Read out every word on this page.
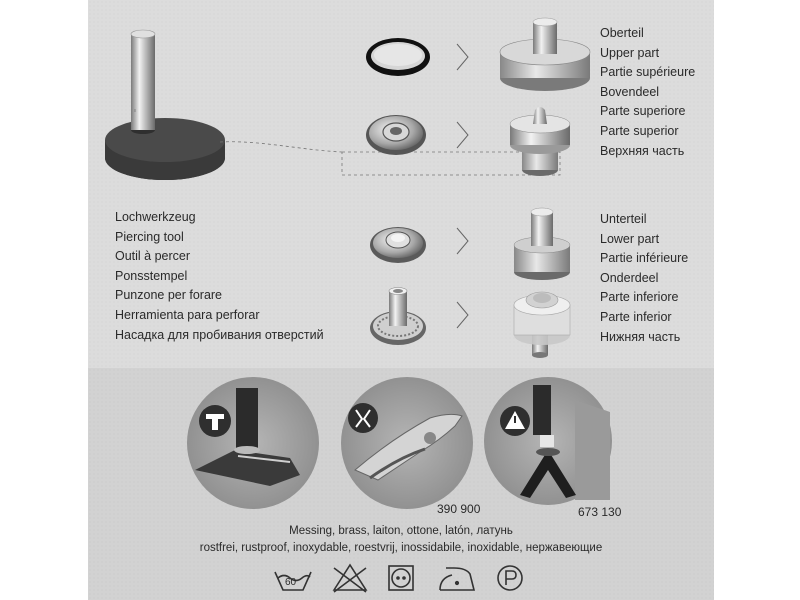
Oberteil
Upper part
Partie supérieure
Bovendeel
Parte superiore
Parte superior
Верхняя часть
Lochwerkzeug
Piercing tool
Outil à percer
Ponsstempel
Punzone per forare
Herramienta para perforar
Насадка для пробивания отверстий
Unterteil
Lower part
Partie inférieure
Onderdeel
Parte inferiore
Parte inferior
Нижняя часть
390 900	673 130
Messing, brass, laiton, ottone, latón, латунь
rostfrei, rustproof, inoxydable, roestvrij, inossidabile, inoxidable, нержавеющие
60
